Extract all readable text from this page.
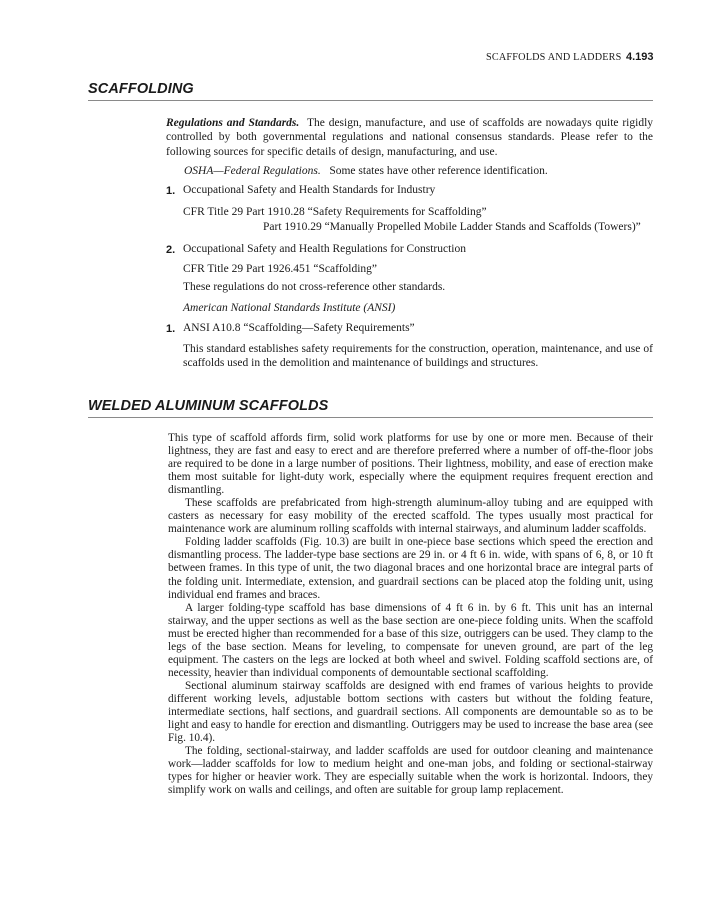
SCAFFOLDS AND LADDERS 4.193
SCAFFOLDING
Regulations and Standards. The design, manufacture, and use of scaffolds are nowadays quite rigidly controlled by both governmental regulations and national consensus standards. Please refer to the following sources for specific details of design, manufacturing, and use.
OSHA—Federal Regulations. Some states have other reference identification.
1. Occupational Safety and Health Standards for Industry
CFR Title 29 Part 1910.28 “Safety Requirements for Scaffolding”
Part 1910.29 “Manually Propelled Mobile Ladder Stands and Scaffolds (Towers)”
2. Occupational Safety and Health Regulations for Construction
CFR Title 29 Part 1926.451 “Scaffolding”
These regulations do not cross-reference other standards.
American National Standards Institute (ANSI)
1. ANSI A10.8 “Scaffolding—Safety Requirements”
This standard establishes safety requirements for the construction, operation, maintenance, and use of scaffolds used in the demolition and maintenance of buildings and structures.
WELDED ALUMINUM SCAFFOLDS

This type of scaffold affords firm, solid work platforms for use by one or more men. Because of their lightness, they are fast and easy to erect and are therefore preferred where a number of off-the-floor jobs are required to be done in a large number of positions. Their lightness, mobility, and ease of erection make them most suitable for light-duty work, especially where the equipment requires frequent erection and dismantling.

These scaffolds are prefabricated from high-strength aluminum-alloy tubing and are equipped with casters as necessary for easy mobility of the erected scaffold. The types usually most practical for maintenance work are aluminum rolling scaffolds with internal stairways, and aluminum ladder scaffolds.

Folding ladder scaffolds (Fig. 10.3) are built in one-piece base sections which speed the erection and dismantling process. The ladder-type base sections are 29 in. or 4 ft 6 in. wide, with spans of 6, 8, or 10 ft between frames. In this type of unit, the two diagonal braces and one horizontal brace are integral parts of the folding unit. Intermediate, extension, and guardrail sections can be placed atop the folding unit, using individual end frames and braces.

A larger folding-type scaffold has base dimensions of 4 ft 6 in. by 6 ft. This unit has an internal stairway, and the upper sections as well as the base section are one-piece folding units. When the scaffold must be erected higher than recommended for a base of this size, outriggers can be used. They clamp to the legs of the base section. Means for leveling, to compensate for uneven ground, are part of the leg equipment. The casters on the legs are locked at both wheel and swivel. Folding scaffold sections are, of necessity, heavier than individual components of demountable sectional scaffolding.

Sectional aluminum stairway scaffolds are designed with end frames of various heights to provide different working levels, adjustable bottom sections with casters but without the folding feature, intermediate sections, half sections, and guardrail sections. All components are demountable so as to be light and easy to handle for erection and dismantling. Outriggers may be used to increase the base area (see Fig. 10.4).

The folding, sectional-stairway, and ladder scaffolds are used for outdoor cleaning and maintenance work—ladder scaffolds for low to medium height and one-man jobs, and folding or sectional-stairway types for higher or heavier work. They are especially suitable when the work is horizontal. Indoors, they simplify work on walls and ceilings, and often are suitable for group lamp replacement.
